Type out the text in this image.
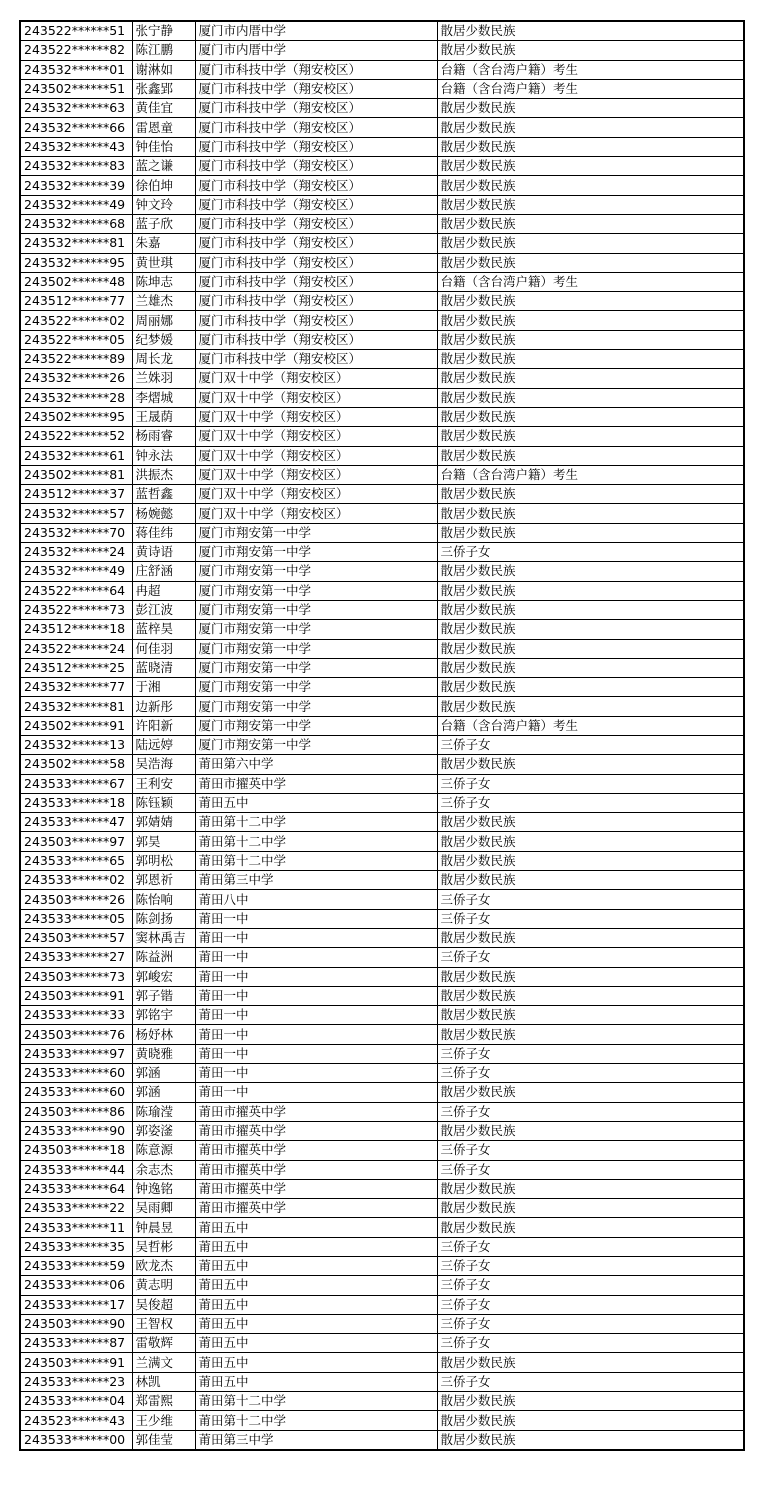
243522******51	张宁静	厦门市内厝中学	散居少数民族
243522******82	陈江鹏	厦门市内厝中学	散居少数民族
243532******01	谢淋如	厦门市科技中学（翔安校区）	台籍（含台湾户籍）考生
243502******51	张鑫郢	厦门市科技中学（翔安校区）	台籍（含台湾户籍）考生
243532******63	黄佳宜	厦门市科技中学（翔安校区）	散居少数民族
243532******66	雷恩童	厦门市科技中学（翔安校区）	散居少数民族
243532******43	钟佳怡	厦门市科技中学（翔安校区）	散居少数民族
243532******83	蓝之谦	厦门市科技中学（翔安校区）	散居少数民族
243532******39	徐伯坤	厦门市科技中学（翔安校区）	散居少数民族
243532******49	钟文玲	厦门市科技中学（翔安校区）	散居少数民族
243532******68	蓝子欣	厦门市科技中学（翔安校区）	散居少数民族
243532******81	朱嘉	厦门市科技中学（翔安校区）	散居少数民族
243532******95	黄世琪	厦门市科技中学（翔安校区）	散居少数民族
243502******48	陈坤志	厦门市科技中学（翔安校区）	台籍（含台湾户籍）考生
243512******77	兰雄杰	厦门市科技中学（翔安校区）	散居少数民族
243522******02	周丽娜	厦门市科技中学（翔安校区）	散居少数民族
243522******05	纪梦媛	厦门市科技中学（翔安校区）	散居少数民族
243522******89	周长龙	厦门市科技中学（翔安校区）	散居少数民族
243532******26	兰姝羽	厦门双十中学（翔安校区）	散居少数民族
243532******28	李熠城	厦门双十中学（翔安校区）	散居少数民族
243502******95	王晟荫	厦门双十中学（翔安校区）	散居少数民族
243522******52	杨雨睿	厦门双十中学（翔安校区）	散居少数民族
243532******61	钟永法	厦门双十中学（翔安校区）	散居少数民族
243502******81	洪振杰	厦门双十中学（翔安校区）	台籍（含台湾户籍）考生
243512******37	蓝哲鑫	厦门双十中学（翔安校区）	散居少数民族
243532******57	杨婉懿	厦门双十中学（翔安校区）	散居少数民族
243532******70	蒋佳纬	厦门市翔安第一中学	散居少数民族
243532******24	黄诗语	厦门市翔安第一中学	三侨子女
243532******49	庄舒涵	厦门市翔安第一中学	散居少数民族
243522******64	冉超	厦门市翔安第一中学	散居少数民族
243522******73	彭江波	厦门市翔安第一中学	散居少数民族
243512******18	蓝梓昊	厦门市翔安第一中学	散居少数民族
243522******24	何佳羽	厦门市翔安第一中学	散居少数民族
243512******25	蓝晓清	厦门市翔安第一中学	散居少数民族
243532******77	于湘	厦门市翔安第一中学	散居少数民族
243532******81	边新彤	厦门市翔安第一中学	散居少数民族
243502******91	许阳新	厦门市翔安第一中学	台籍（含台湾户籍）考生
243532******13	陆远婷	厦门市翔安第一中学	三侨子女
243502******58	吴浩海	莆田第六中学	散居少数民族
243533******67	王利安	莆田市擢英中学	三侨子女
243533******18	陈钰颖	莆田五中	三侨子女
243533******47	郭婧婧	莆田第十二中学	散居少数民族
243503******97	郭昊	莆田第十二中学	散居少数民族
243533******65	郭明松	莆田第十二中学	散居少数民族
243533******02	郭恩祈	莆田第三中学	散居少数民族
243503******26	陈怡响	莆田八中	三侨子女
243533******05	陈剑扬	莆田一中	三侨子女
243503******57	窦林禹吉	莆田一中	散居少数民族
243533******27	陈益洲	莆田一中	三侨子女
243503******73	郭峻宏	莆田一中	散居少数民族
243503******91	郭子锴	莆田一中	散居少数民族
243533******33	郭铭宇	莆田一中	散居少数民族
243503******76	杨妤林	莆田一中	散居少数民族
243533******97	黄晓雅	莆田一中	三侨子女
243533******60	郭涵	莆田一中	三侨子女
243533******60	郭涵	莆田一中	散居少数民族
243503******86	陈瑜滢	莆田市擢英中学	三侨子女
243533******90	郭姿滏	莆田市擢英中学	散居少数民族
243503******18	陈意源	莆田市擢英中学	三侨子女
243533******44	余志杰	莆田市擢英中学	三侨子女
243533******64	钟逸铭	莆田市擢英中学	散居少数民族
243533******22	吴雨卿	莆田市擢英中学	散居少数民族
243533******11	钟晨昱	莆田五中	散居少数民族
243533******35	吴哲彬	莆田五中	三侨子女
243533******59	欧龙杰	莆田五中	三侨子女
243533******06	黄志明	莆田五中	三侨子女
243533******17	吴俊超	莆田五中	三侨子女
243503******90	王智权	莆田五中	三侨子女
243533******87	雷敬辉	莆田五中	三侨子女
243503******91	兰满文	莆田五中	散居少数民族
243533******23	林凯	莆田五中	三侨子女
243533******04	郑雷熙	莆田第十二中学	散居少数民族
243523******43	王少维	莆田第十二中学	散居少数民族
243533******00	郭佳莹	莆田第三中学	散居少数民族
